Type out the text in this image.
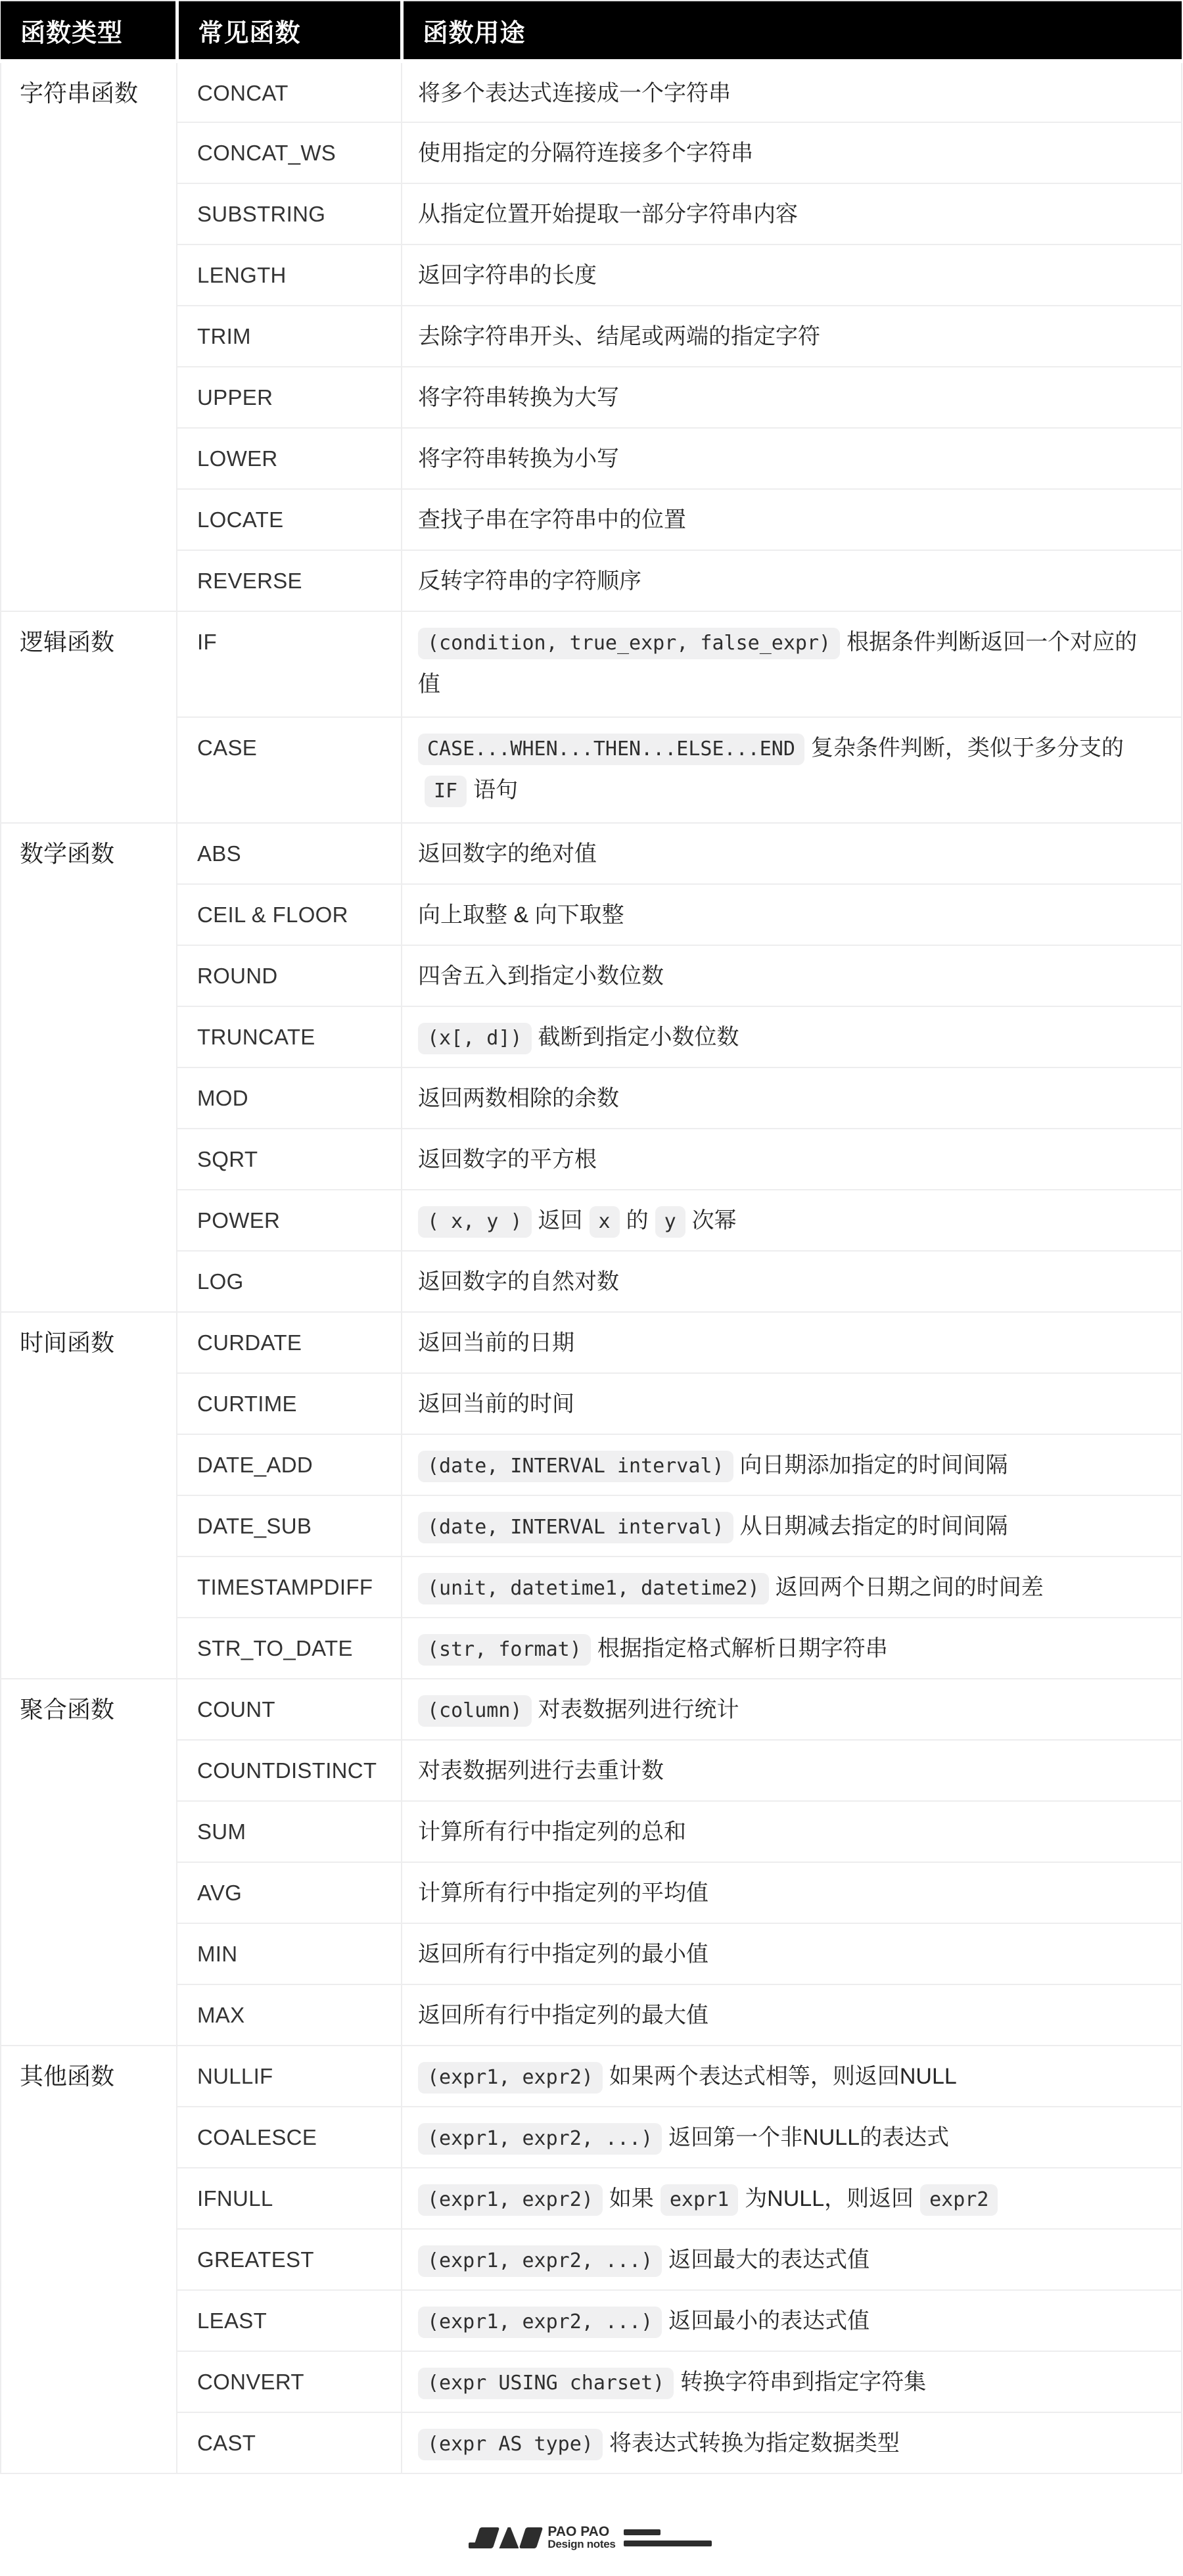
函数类型	常见函数	函数用途
字符串函数	CONCAT	将多个表达式连接成一个字符串
	CONCAT_WS	使用指定的分隔符连接多个字符串
	SUBSTRING	从指定位置开始提取一部分字符串内容
	LENGTH	返回字符串的长度
	TRIM	去除字符串开头、结尾或两端的指定字符
	UPPER	将字符串转换为大写
	LOWER	将字符串转换为小写
	LOCATE	查找子串在字符串中的位置
	REVERSE	反转字符串的字符顺序
逻辑函数	IF	(condition, true_expr, false_expr) 根据条件判断返回一个对应的值
	CASE	CASE...WHEN...THEN...ELSE...END 复杂条件判断，类似于多分支的IF 语句
数学函数	ABS	返回数字的绝对值
	CEIL & FLOOR	向上取整 & 向下取整
	ROUND	四舍五入到指定小数位数
	TRUNCATE	(x[, d]) 截断到指定小数位数
	MOD	返回两数相除的余数
	SQRT	返回数字的平方根
	POWER	( x, y ) 返回 x 的 y 次幂
	LOG	返回数字的自然对数
时间函数	CURDATE	返回当前的日期
	CURTIME	返回当前的时间
	DATE_ADD	(date, INTERVAL interval) 向日期添加指定的时间间隔
	DATE_SUB	(date, INTERVAL interval) 从日期减去指定的时间间隔
	TIMESTAMPDIFF	(unit, datetime1, datetime2) 返回两个日期之间的时间差
	STR_TO_DATE	(str, format) 根据指定格式解析日期字符串
聚合函数	COUNT	(column) 对表数据列进行统计
	COUNTDISTINCT	对表数据列进行去重计数
	SUM	计算所有行中指定列的总和
	AVG	计算所有行中指定列的平均值
	MIN	返回所有行中指定列的最小值
	MAX	返回所有行中指定列的最大值
其他函数	NULLIF	(expr1, expr2) 如果两个表达式相等，则返回NULL
	COALESCE	(expr1, expr2, ...) 返回第一个非NULL的表达式
	IFNULL	(expr1, expr2) 如果 expr1 为NULL，则返回 expr2
	GREATEST	(expr1, expr2, ...) 返回最大的表达式值
	LEAST	(expr1, expr2, ...) 返回最小的表达式值
	CONVERT	(expr USING charset) 转换字符串到指定字符集
	CAST	(expr AS type) 将表达式转换为指定数据类型
PAO PAO
Design notes
